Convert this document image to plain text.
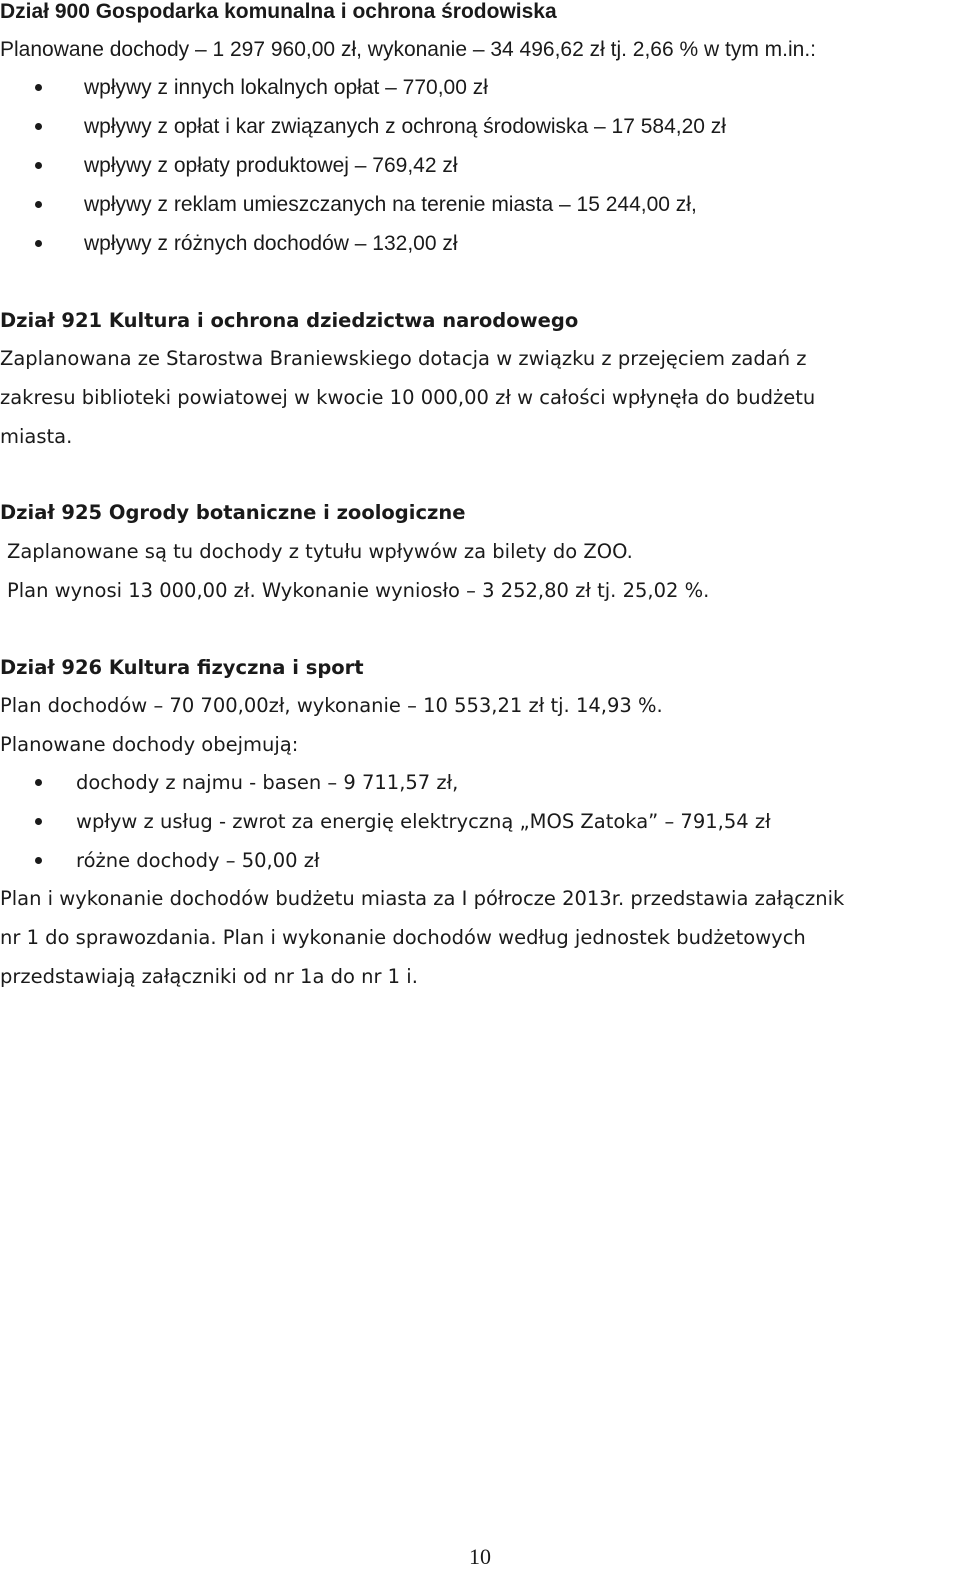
Dział 900 Gospodarka komunalna i ochrona środowiska
Planowane dochody – 1 297 960,00 zł, wykonanie – 34 496,62 zł tj. 2,66 % w tym m.in.:
wpływy z innych lokalnych opłat – 770,00 zł
wpływy z opłat i kar związanych z ochroną środowiska – 17 584,20 zł
wpływy z opłaty produktowej – 769,42 zł
wpływy z reklam umieszczanych na terenie miasta – 15 244,00 zł,
wpływy z różnych dochodów – 132,00 zł
Dział 921 Kultura i ochrona dziedzictwa narodowego
Zaplanowana ze Starostwa Braniewskiego dotacja w związku z przejęciem zadań z
zakresu biblioteki powiatowej w kwocie 10 000,00 zł w całości wpłynęła do budżetu
miasta.
Dział 925 Ogrody botaniczne i zoologiczne
Zaplanowane są tu dochody z tytułu wpływów za bilety do ZOO.
Plan wynosi 13 000,00 zł. Wykonanie wyniosło – 3 252,80 zł tj. 25,02 %.
Dział 926 Kultura fizyczna i sport
Plan dochodów – 70 700,00zł, wykonanie – 10 553,21 zł tj. 14,93 %.
Planowane dochody obejmują:
dochody z najmu - basen – 9 711,57 zł,
wpływ z usług - zwrot za energię elektryczną „MOS Zatoka” – 791,54 zł
różne dochody – 50,00 zł
Plan i wykonanie dochodów budżetu miasta za I półrocze 2013r. przedstawia załącznik
nr 1 do sprawozdania. Plan i wykonanie dochodów według jednostek budżetowych
przedstawiają załączniki od nr 1a do nr 1 i.
10
